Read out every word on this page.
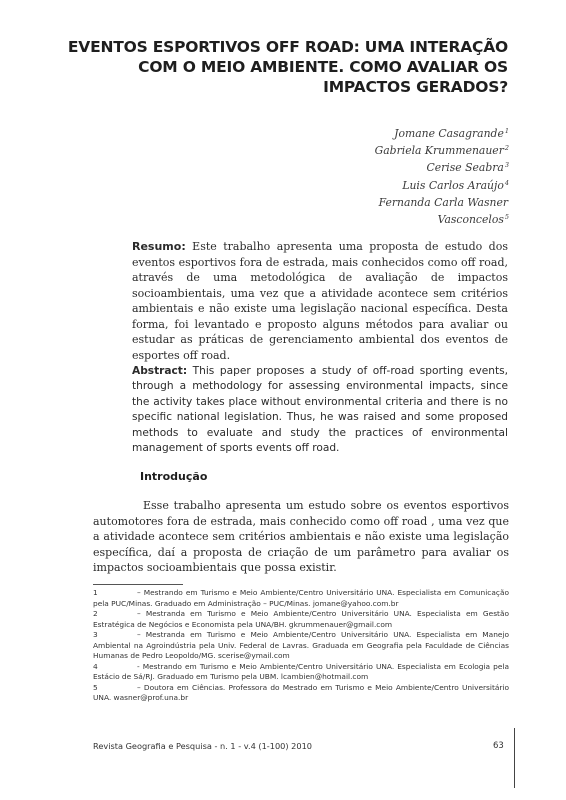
EVENTOS ESPORTIVOS OFF ROAD: UMA INTERAÇÃO
COM O MEIO AMBIENTE. COMO AVALIAR OS
IMPACTOS GERADOS?
Jomane Casagrande$^1$
Gabriela Krummenauer$^2$
Cerise Seabra$^3$
Luis Carlos Araújo$^4$
Fernanda Carla Wasner
Vasconcelos$^5$
Resumo: Este trabalho apresenta uma proposta de estudo dos eventos esportivos fora de estrada, mais conhecidos como off road, através de uma metodológica de avaliação de impactos socioambientais, uma vez que a atividade acontece sem critérios ambientais e não existe uma legislação nacional específica. Desta forma, foi levantado e proposto alguns métodos para avaliar ou estudar as práticas de gerenciamento ambiental dos eventos de esportes off road.
Abstract: This paper proposes a study of off-road sporting events, through a methodology for assessing environmental impacts, since the activity takes place without environmental criteria and there is no specific national legislation. Thus, he was raised and some proposed methods to evaluate and study the practices of environmental management of sports events off road.
Introdução
Esse trabalho apresenta um estudo sobre os eventos esportivos automotores fora de estrada, mais conhecido como off road , uma vez que a atividade acontece sem critérios ambientais e não existe uma legislação específica, daí a proposta de criação de um parâmetro para avaliar os impactos socioambientais que possa existir.

1	– Mestrando em Turismo e Meio Ambiente/Centro Universitário UNA. Especialista em Comunicação pela PUC/Minas. Graduado em Administração – PUC/Minas. jomane@yahoo.com.br

2	– Mestranda em Turismo e Meio Ambiente/Centro Universitário UNA. Especialista em Gestão Estratégica de Negócios e Economista pela UNA/BH. gkrummenauer@gmail.com

3	– Mestranda em Turismo e Meio Ambiente/Centro Universitário UNA. Especialista em Manejo Ambiental na Agroindústria pela Univ. Federal de Lavras. Graduada em Geografia pela Faculdade de Ciências Humanas de Pedro Leopoldo/MG. scerise@ymail.com

4	- Mestrando em Turismo e Meio Ambiente/Centro Universitário UNA. Especialista em Ecologia pela Estácio de Sá/RJ. Graduado em Turismo pela UBM. lcambien@hotmail.com

5	– Doutora em Ciências. Professora do Mestrado em Turismo e Meio Ambiente/Centro Universitário UNA. wasner@prof.una.br

Revista Geografia e Pesquisa - n. 1 - v.4 (1-100) 2010	63
